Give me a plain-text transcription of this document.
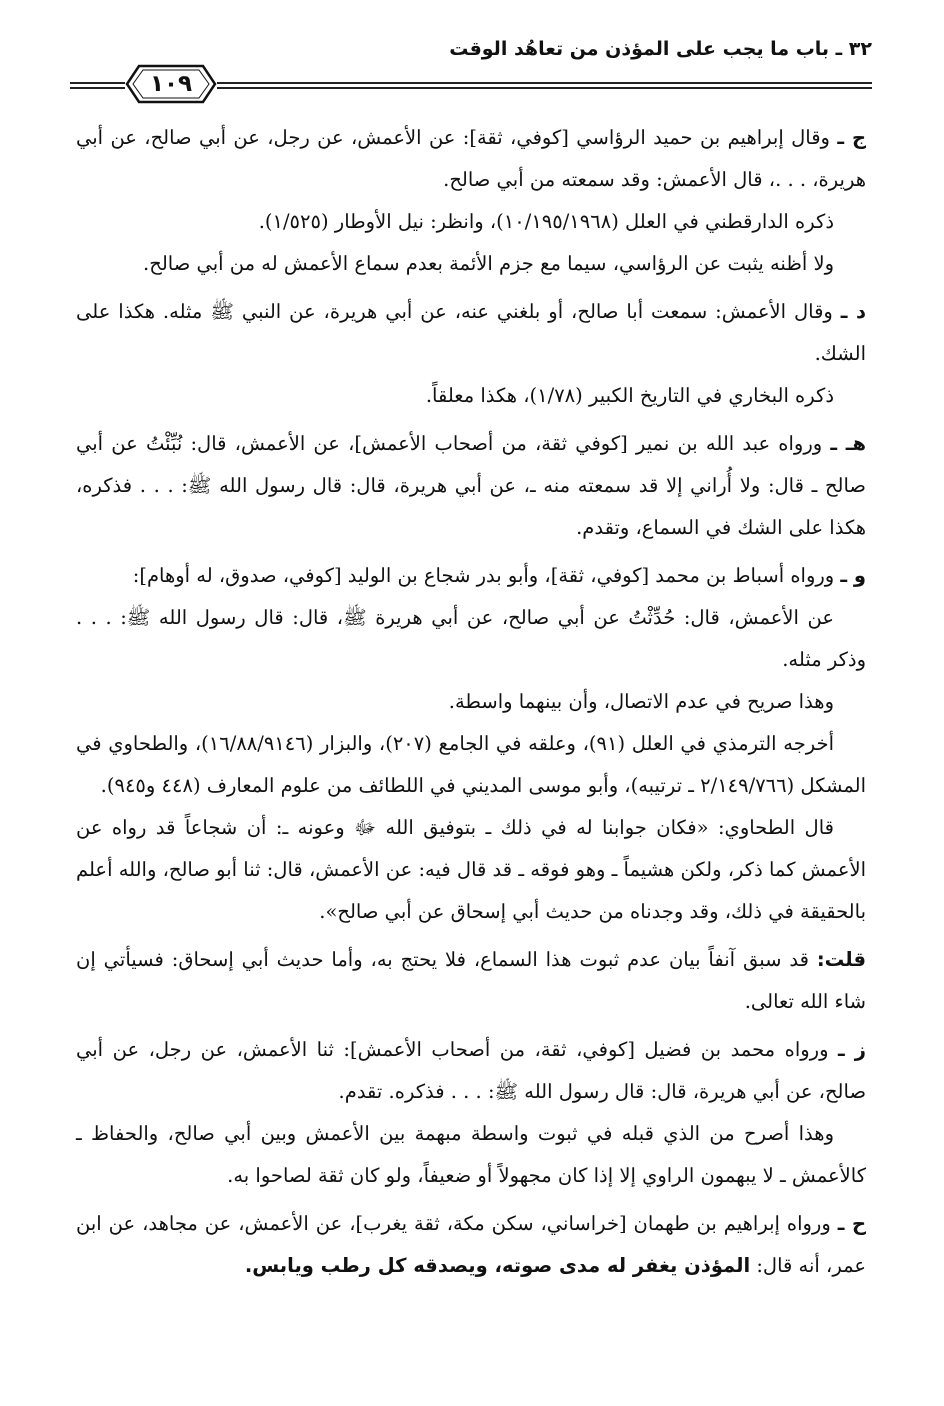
٣٢ ـ باب ما يجب على المؤذن من تعاهُد الوقت
١٠٩

ج ـ وقال إبراهيم بن حميد الرؤاسي [كوفي، ثقة]: عن الأعمش، عن رجل، عن أبي صالح، عن أبي هريرة، . . .، قال الأعمش: وقد سمعته من أبي صالح.

ذكره الدارقطني في العلل (١٠/١٩٥/١٩٦٨)، وانظر: نيل الأوطار (١/٥٢٥).

ولا أظنه يثبت عن الرؤاسي، سيما مع جزم الأئمة بعدم سماع الأعمش له من أبي صالح.

د ـ وقال الأعمش: سمعت أبا صالح، أو بلغني عنه، عن أبي هريرة، عن النبي ﷺ مثله. هكذا على الشك.

ذكره البخاري في التاريخ الكبير (١/٧٨)، هكذا معلقاً.

هـ ـ ورواه عبد الله بن نمير [كوفي ثقة، من أصحاب الأعمش]، عن الأعمش، قال: نُبِّئْتُ عن أبي صالح ـ قال: ولا أُراني إلا قد سمعته منه ـ، عن أبي هريرة، قال: قال رسول الله ﷺ: . . . فذكره، هكذا على الشك في السماع، وتقدم.

و ـ ورواه أسباط بن محمد [كوفي، ثقة]، وأبو بدر شجاع بن الوليد [كوفي، صدوق، له أوهام]:

عن الأعمش، قال: حُدِّثْتُ عن أبي صالح، عن أبي هريرة ﷺ، قال: قال رسول الله ﷺ: . . . وذكر مثله.

وهذا صريح في عدم الاتصال، وأن بينهما واسطة.

أخرجه الترمذي في العلل (٩١)، وعلقه في الجامع (٢٠٧)، والبزار (١٦/٨٨/٩١٤٦)، والطحاوي في المشكل (٢/١٤٩/٧٦٦ ـ ترتيبه)، وأبو موسى المديني في اللطائف من علوم المعارف (٤٤٨ و٩٤٥).

قال الطحاوي: «فكان جوابنا له في ذلك ـ بتوفيق الله ﷻ وعونه ـ: أن شجاعاً قد رواه عن الأعمش كما ذكر، ولكن هشيماً ـ وهو فوقه ـ قد قال فيه: عن الأعمش، قال: ثنا أبو صالح، والله أعلم بالحقيقة في ذلك، وقد وجدناه من حديث أبي إسحاق عن أبي صالح».

قلت: قد سبق آنفاً بيان عدم ثبوت هذا السماع، فلا يحتج به، وأما حديث أبي إسحاق: فسيأتي إن شاء الله تعالى.

ز ـ ورواه محمد بن فضيل [كوفي، ثقة، من أصحاب الأعمش]: ثنا الأعمش، عن رجل، عن أبي صالح، عن أبي هريرة، قال: قال رسول الله ﷺ: . . . فذكره. تقدم.

وهذا أصرح من الذي قبله في ثبوت واسطة مبهمة بين الأعمش وبين أبي صالح، والحفاظ ـ كالأعمش ـ لا يبهمون الراوي إلا إذا كان مجهولاً أو ضعيفاً، ولو كان ثقة لصاحوا به.

ح ـ ورواه إبراهيم بن طهمان [خراساني، سكن مكة، ثقة يغرب]، عن الأعمش، عن مجاهد، عن ابن عمر، أنه قال: المؤذن يغفر له مدى صوته، ويصدقه كل رطب ويابس.
